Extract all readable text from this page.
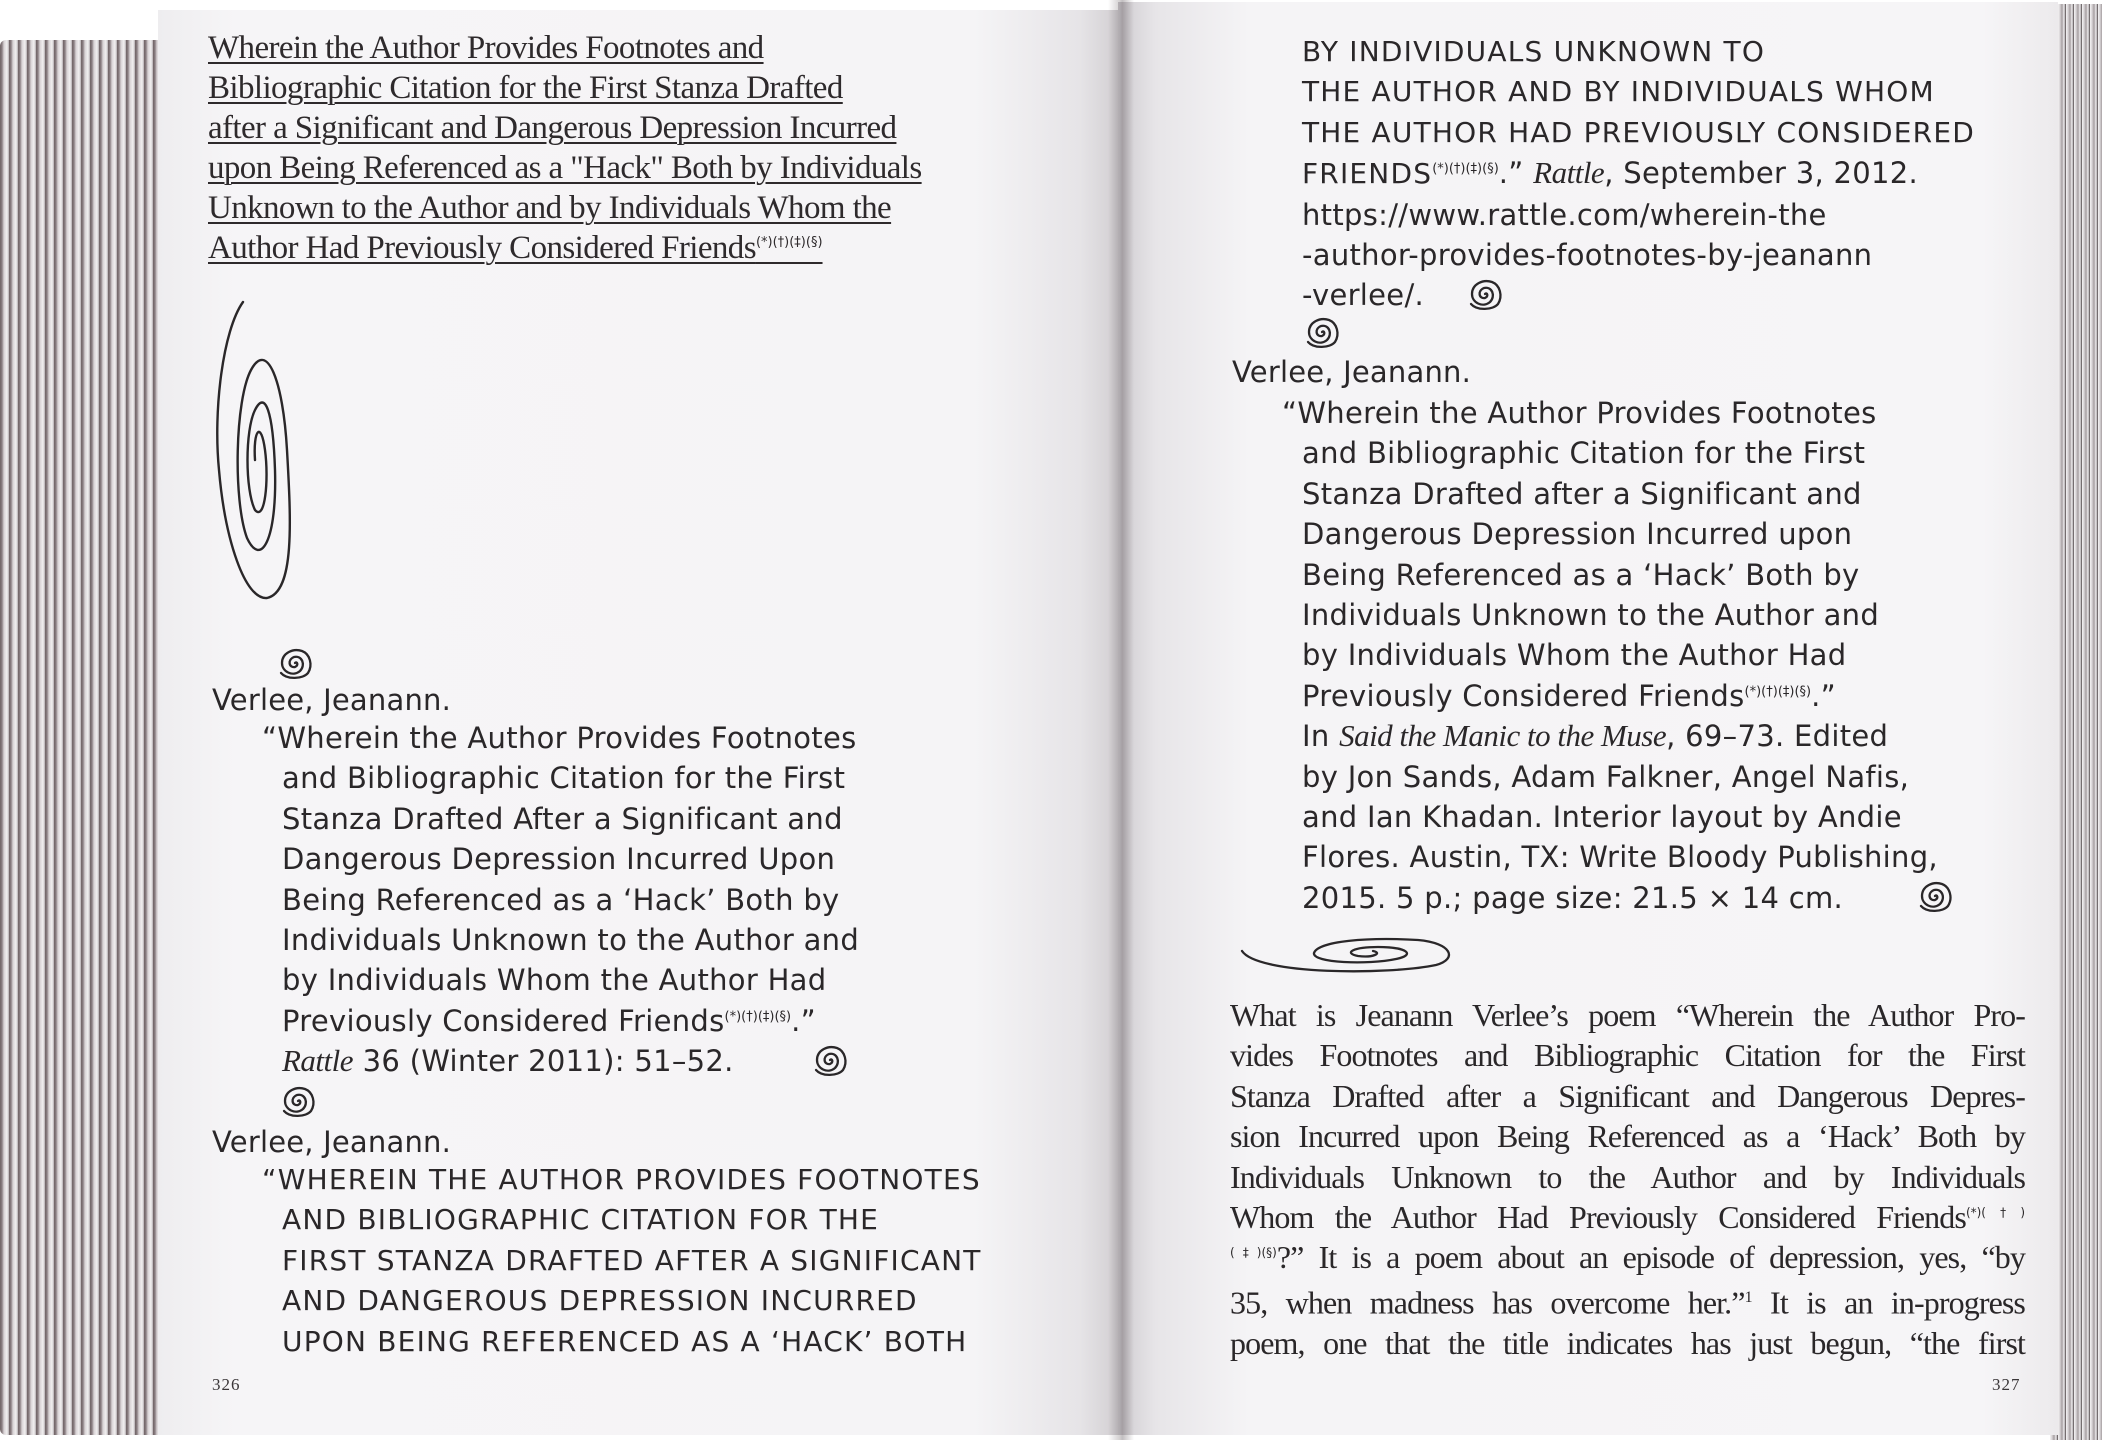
Wherein the Author Provides Footnotes and
Bibliographic Citation for the First Stanza Drafted
after a Significant and Dangerous Depression Incurred
upon Being Referenced as a "Hack" Both by Individuals
Unknown to the Author and by Individuals Whom the
Author Had Previously Considered Friends(*)(†)(‡)(§)
Verlee, Jeanann.
“Wherein the Author Provides Footnotes
and Bibliographic Citation for the First
Stanza Drafted After a Significant and
Dangerous Depression Incurred Upon
Being Referenced as a ‘Hack’ Both by
Individuals Unknown to the Author and
by Individuals Whom the Author Had
Previously Considered Friends(*)(†)(‡)(§).”
Rattle 36 (Winter 2011): 51–52.
Verlee, Jeanann.
“WHEREIN THE AUTHOR PROVIDES FOOTNOTES
AND BIBLIOGRAPHIC CITATION FOR THE
FIRST STANZA DRAFTED AFTER A SIGNIFICANT
AND DANGEROUS DEPRESSION INCURRED
UPON BEING REFERENCED AS A ‘HACK’ BOTH
326
BY INDIVIDUALS UNKNOWN TO
THE AUTHOR AND BY INDIVIDUALS WHOM
THE AUTHOR HAD PREVIOUSLY CONSIDERED
FRIENDS(*)(†)(‡)(§).” Rattle, September 3, 2012.
https://www.rattle.com/wherein-the
-author-provides-footnotes-by-jeanann
-verlee/.
Verlee, Jeanann.
“Wherein the Author Provides Footnotes
and Bibliographic Citation for the First
Stanza Drafted after a Significant and
Dangerous Depression Incurred upon
Being Referenced as a ‘Hack’ Both by
Individuals Unknown to the Author and
by Individuals Whom the Author Had
Previously Considered Friends(*)(†)(‡)(§).”
In Said the Manic to the Muse, 69–73. Edited
by Jon Sands, Adam Falkner, Angel Nafis,
and Ian Khadan. Interior layout by Andie
Flores. Austin, TX: Write Bloody Publishing,
2015. 5 p.; page size: 21.5 × 14 cm.
What is Jeanann Verlee’s poem “Wherein the Author Pro-
vides Footnotes and Bibliographic Citation for the First
Stanza Drafted after a Significant and Dangerous Depres-
sion Incurred upon Being Referenced as a ‘Hack’ Both by
Individuals Unknown to the Author and by Individuals
Whom the Author Had Previously Considered Friends(*)(†)
(‡)(§)?” It is a poem about an episode of depression, yes, “by
35, when madness has overcome her.”$^1$ It is an in-progress
poem, one that the title indicates has just begun, “the first
327
